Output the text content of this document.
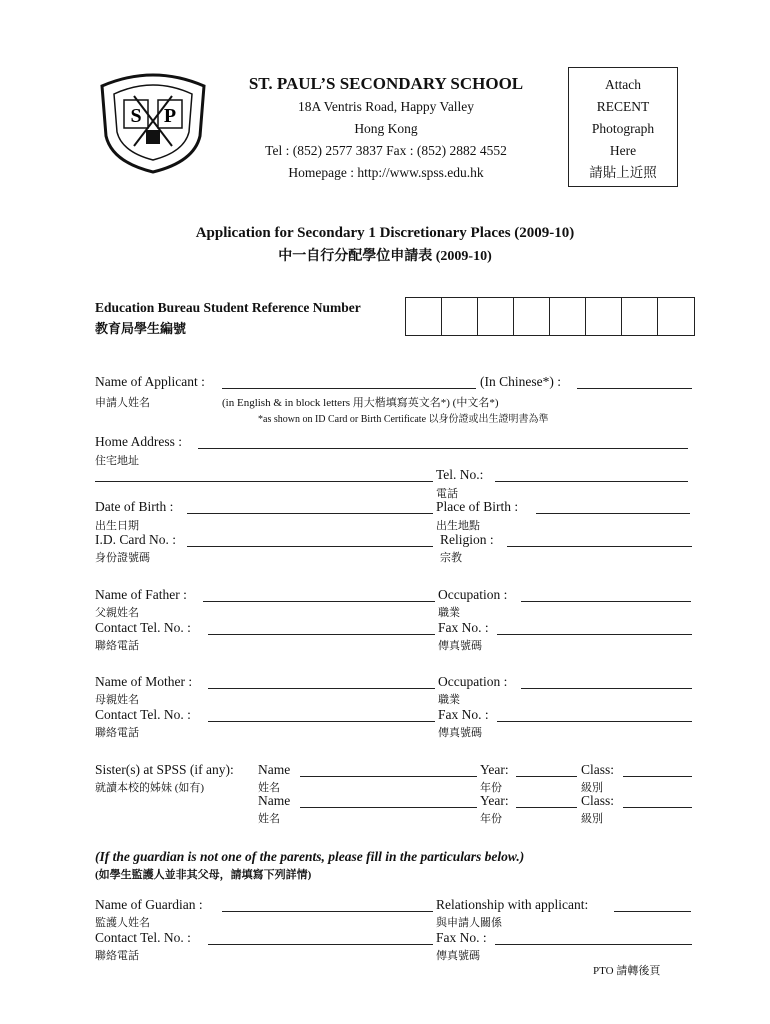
S P
ST. PAUL’S SECONDARY SCHOOL
18A Ventris Road, Happy Valley
Hong Kong
Tel : (852) 2577 3837 Fax : (852) 2882 4552
Homepage : http://www.spss.edu.hk
Attach
RECENT
Photograph
Here
請貼上近照
Application for Secondary 1 Discretionary Places (2009-10)
中一自行分配學位申請表 (2009-10)
Education Bureau Student Reference Number
教育局學生編號
Name of Applicant :	(In Chinese*) :
申請人姓名	(in English & in block letters 用大楷填寫英文名*) (中文名*)
*as shown on ID Card or Birth Certificate 以身份證或出生證明書為準
Home Address :
住宅地址
Tel. No.:
電話
Date of Birth :
出生日期
Place of Birth :
出生地點
I.D. Card No. :
身份證號碼
Religion :
宗教
Name of Father :
父親姓名
Occupation :
職業
Contact Tel. No. :
聯絡電話
Fax No. :
傳真號碼
Name of Mother :
母親姓名
Occupation :
職業
Contact Tel. No. :
聯絡電話
Fax No. :
傳真號碼
Sister(s) at SPSS (if any):
就讀本校的姊妹 (如有)
Name
姓名
Year:
年份
Class:
級別
Name
姓名
Year:
年份
Class:
級別
(If the guardian is not one of the parents, please fill in the particulars below.)
(如學生監護人並非其父母，請填寫下列詳情)
Name of Guardian :
監護人姓名
Relationship with applicant:
與申請人關係
Contact Tel. No. :
聯絡電話
Fax No. :
傳真號碼
PTO 請轉後頁
